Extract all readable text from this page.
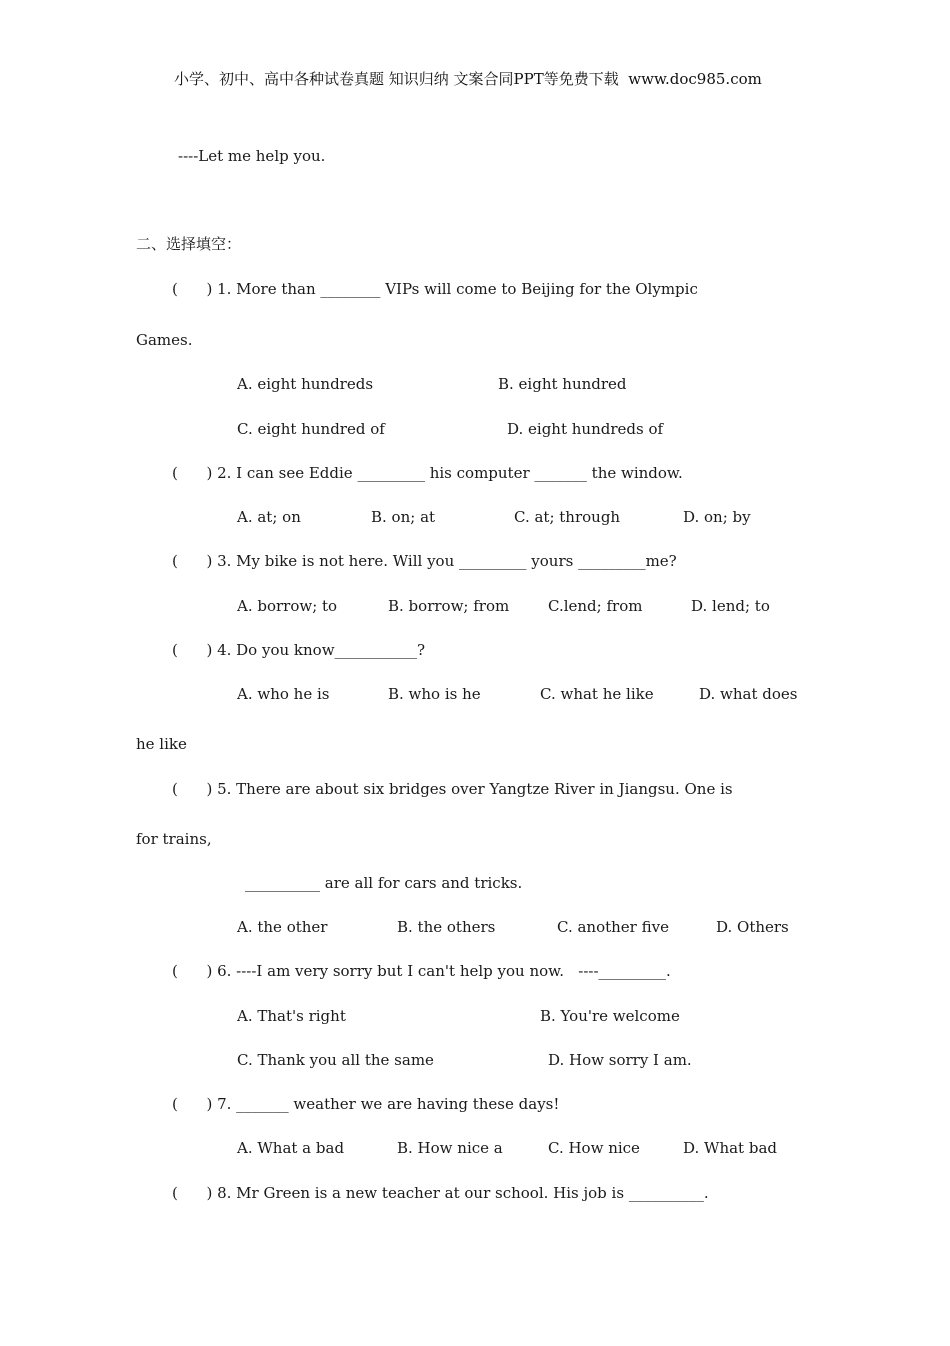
小学、初中、高中各种试卷真题 知识归纳 文案合同PPT等免费下载  www.doc985.com
----Let me help you.
二、选择填空：
(      ) 1. More than ________ VIPs will come to Beijing for the Olympic
Games.
A. eight hundreds	B. eight hundred
C. eight hundred of	D. eight hundreds of
(      ) 2. I can see Eddie _________ his computer _______ the window.
A. at; on	B. on; at	C. at; through	D. on; by
(      ) 3. My bike is not here. Will you _________ yours _________me?
A. borrow; to	B. borrow; from	C.lend; from	D. lend; to
(      ) 4. Do you know___________?
A. who he is	B. who is he	C. what he like	D. what does
he like
(      ) 5. There are about six bridges over Yangtze River in Jiangsu. One is
for trains,
__________ are all for cars and tricks.
A. the other	B. the others	C. another five	D. Others
(      ) 6. ----I am very sorry but I can't help you now.   ----_________.
A. That's right	B. You're welcome
C. Thank you all the same	D. How sorry I am.
(      ) 7. _______ weather we are having these days!
A. What a bad	B. How nice a	C. How nice	D. What bad
(      ) 8. Mr Green is a new teacher at our school. His job is __________.
